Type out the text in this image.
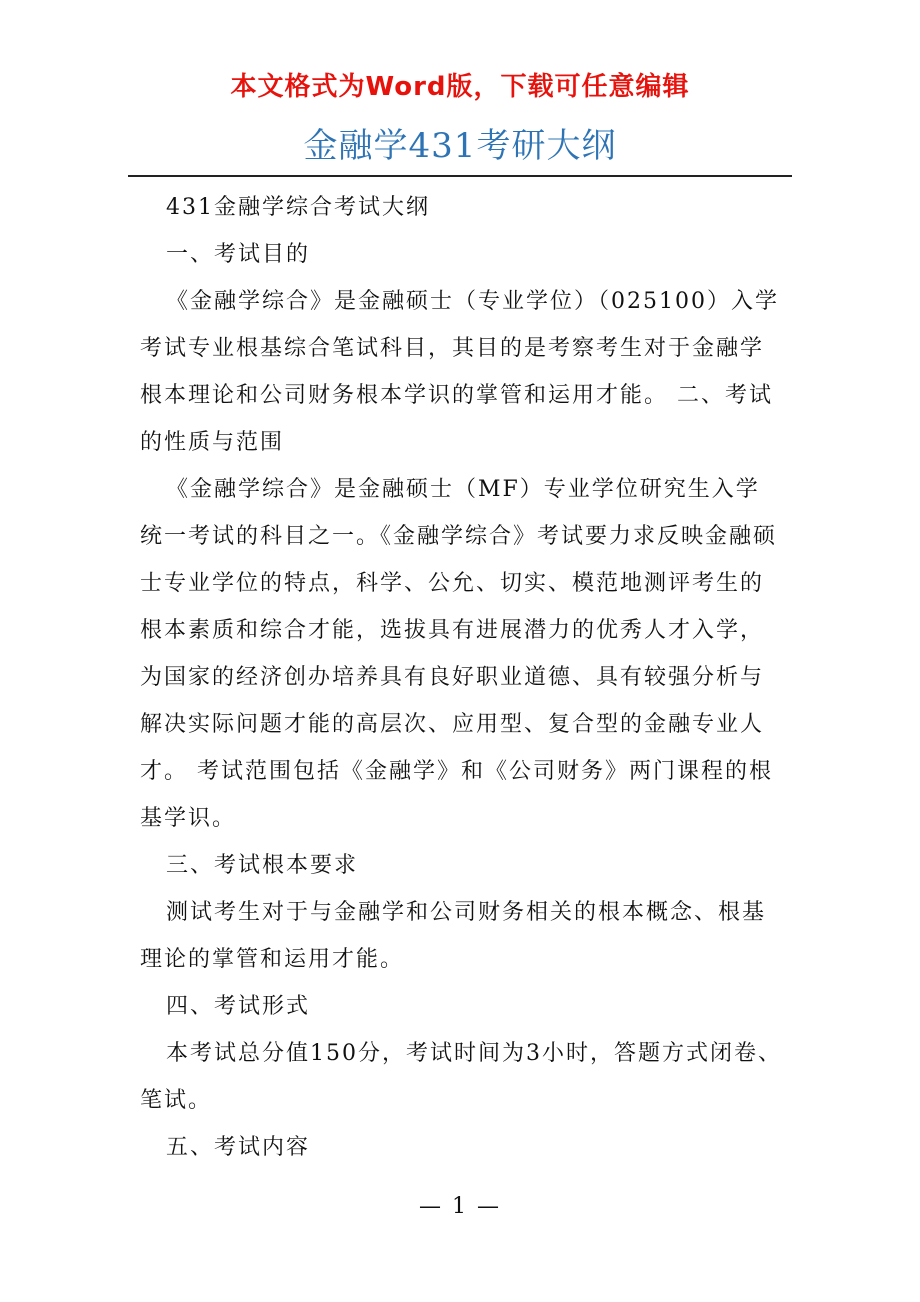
本文格式为Word版，下载可任意编辑
金融学431考研大纲

431金融学综合考试大纲

一、考试目的

《金融学综合》是金融硕士（专业学位）（025100）入学考试专业根基综合笔试科目，其目的是考察考生对于金融学根本理论和公司财务根本学识的掌管和运用才能。 二、考试的性质与范围

《金融学综合》是金融硕士（MF）专业学位研究生入学统一考试的科目之一。《金融学综合》考试要力求反映金融硕士专业学位的特点，科学、公允、切实、模范地测评考生的根本素质和综合才能，选拔具有进展潜力的优秀人才入学，为国家的经济创办培养具有良好职业道德、具有较强分析与解决实际问题才能的高层次、应用型、复合型的金融专业人才。 考试范围包括《金融学》和《公司财务》两门课程的根基学识。

三、考试根本要求

测试考生对于与金融学和公司财务相关的根本概念、根基理论的掌管和运用才能。

四、考试形式

本考试总分值150分，考试时间为3小时，答题方式闭卷、笔试。

五、考试内容

— 1 —
